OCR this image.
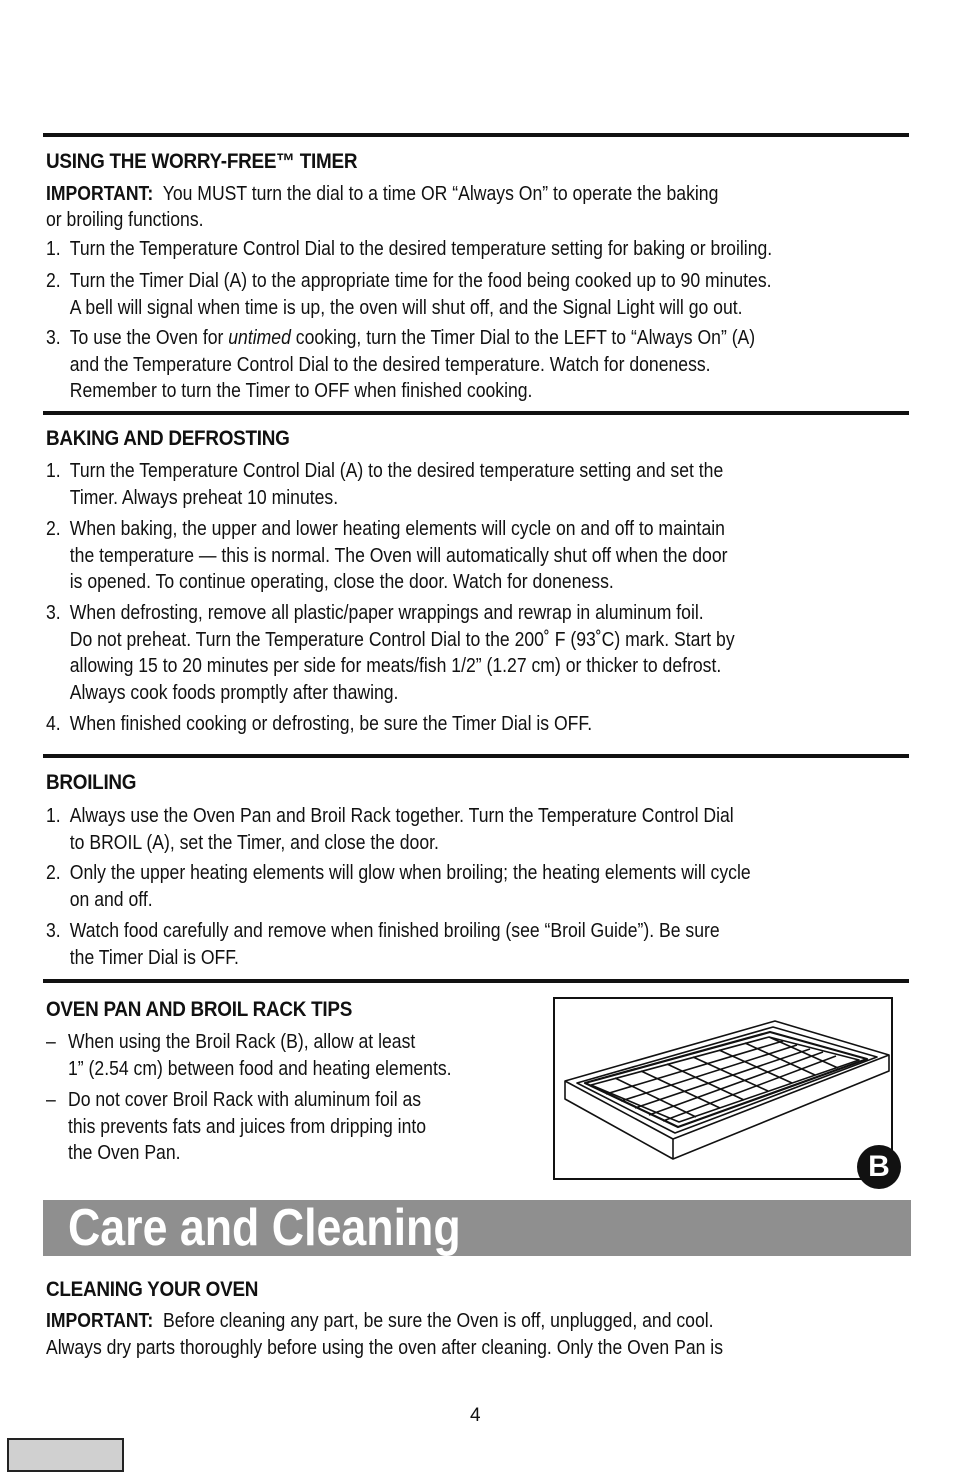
USING THE WORRY-FREE™ TIMER
IMPORTANT: You MUST turn the dial to a time OR “Always On” to operate the baking
or broiling functions.
1. Turn the Temperature Control Dial to the desired temperature setting for baking or broiling.
2. Turn the Timer Dial (A) to the appropriate time for the food being cooked up to 90 minutes.
A bell will signal when time is up, the oven will shut off, and the Signal Light will go out.
3. To use the Oven for untimed cooking, turn the Timer Dial to the LEFT to “Always On” (A)
and the Temperature Control Dial to the desired temperature. Watch for doneness.
Remember to turn the Timer to OFF when finished cooking.
BAKING AND DEFROSTING
1. Turn the Temperature Control Dial (A) to the desired temperature setting and set the
Timer. Always preheat 10 minutes.
2. When baking, the upper and lower heating elements will cycle on and off to maintain
the temperature — this is normal. The Oven will automatically shut off when the door
is opened. To continue operating, close the door. Watch for doneness.
3. When defrosting, remove all plastic/paper wrappings and rewrap in aluminum foil.
Do not preheat. Turn the Temperature Control Dial to the 200˚ F (93˚C) mark. Start by
allowing 15 to 20 minutes per side for meats/fish 1/2” (1.27 cm) or thicker to defrost.
Always cook foods promptly after thawing.
4. When finished cooking or defrosting, be sure the Timer Dial is OFF.
BROILING
1. Always use the Oven Pan and Broil Rack together. Turn the Temperature Control Dial
to BROIL (A), set the Timer, and close the door.
2. Only the upper heating elements will glow when broiling; the heating elements will cycle
on and off.
3. Watch food carefully and remove when finished broiling (see “Broil Guide”). Be sure
the Timer Dial is OFF.
OVEN PAN AND BROIL RACK TIPS
– When using the Broil Rack (B), allow at least
1” (2.54 cm) between food and heating elements.
– Do not cover Broil Rack with aluminum foil as
this prevents fats and juices from dripping into
the Oven Pan.	B
Care and Cleaning
CLEANING YOUR OVEN
IMPORTANT: Before cleaning any part, be sure the Oven is off, unplugged, and cool.
Always dry parts thoroughly before using the oven after cleaning. Only the Oven Pan is
4
